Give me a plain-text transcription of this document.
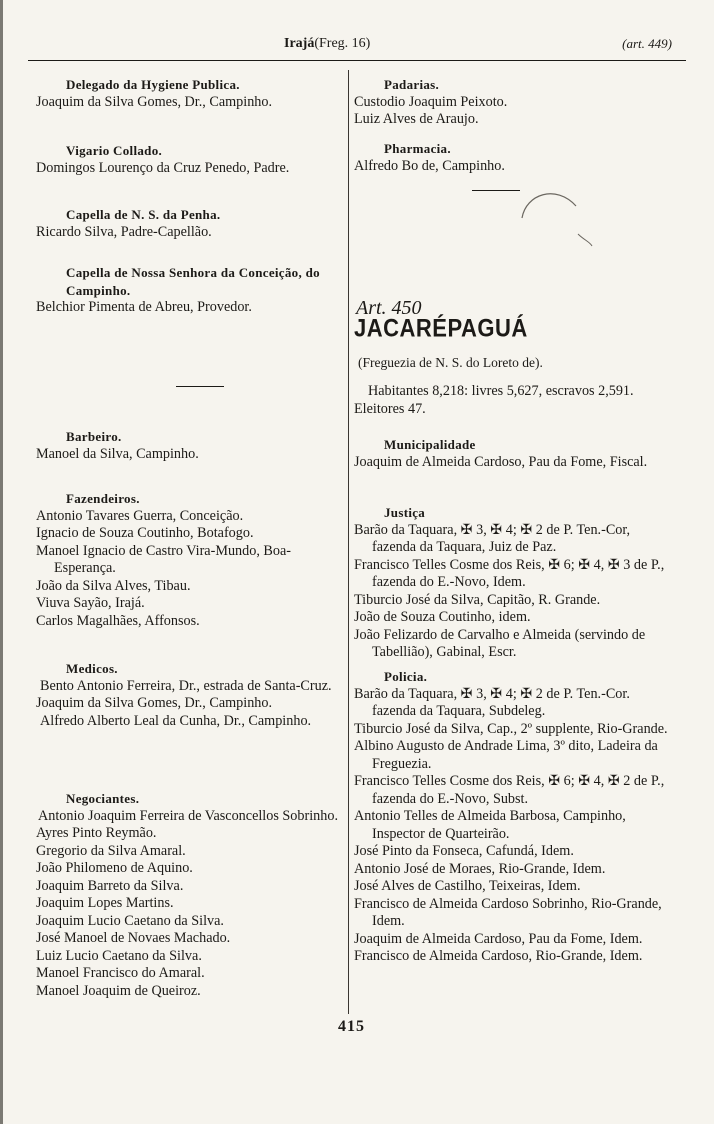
Irajá(Freg. 16)	(art. 449)
Delegado da Hygiene Publica.
Joaquim da Silva Gomes, Dr., Campinho.
Vigario Collado.
Domingos Lourenço da Cruz Penedo, Padre.
Capella de N. S. da Penha.
Ricardo Silva, Padre-Capellão.
Capella de Nossa Senhora da Conceição, do Campinho.
Belchior Pimenta de Abreu, Provedor.
Barbeiro.
Manoel da Silva, Campinho.
Fazendeiros.
Antonio Tavares Guerra, Conceição.
Ignacio de Souza Coutinho, Botafogo.
Manoel Ignacio de Castro Vira-Mundo, Boa-Esperança.
João da Silva Alves, Tibau.
Viuva Sayão, Irajá.
Carlos Magalhães, Affonsos.
Medicos.
Bento Antonio Ferreira, Dr., estrada de Santa-Cruz.
Joaquim da Silva Gomes, Dr., Campinho.
Alfredo Alberto Leal da Cunha, Dr., Campinho.
Negociantes.
Antonio Joaquim Ferreira de Vasconcellos Sobrinho.
Ayres Pinto Reymão.
Gregorio da Silva Amaral.
João Philomeno de Aquino.
Joaquim Barreto da Silva.
Joaquim Lopes Martins.
Joaquim Lucio Caetano da Silva.
José Manoel de Novaes Machado.
Luiz Lucio Caetano da Silva.
Manoel Francisco do Amaral.
Manoel Joaquim de Queiroz.
Padarias.
Custodio Joaquim Peixoto.
Luiz Alves de Araujo.
Pharmacia.
Alfredo Bo de, Campinho.
Art. 450
JACARÉPAGUÁ
(Freguezia de N. S. do Loreto de).
Habitantes 8,218: livres 5,627, escravos 2,591. Eleitores 47.
Municipalidade
Joaquim de Almeida Cardoso, Pau da Fome, Fiscal.
Justiça
Barão da Taquara, ✠ 3, ✠ 4; ✠ 2 de P. Ten.-Cor, fazenda da Taquara, Juiz de Paz.
Francisco Telles Cosme dos Reis, ✠ 6; ✠ 4, ✠ 3 de P., fazenda do E.-Novo, Idem.
Tiburcio José da Silva, Capitão, R. Grande.
João de Souza Coutinho, idem.
João Felizardo de Carvalho e Almeida (servindo de Tabellião), Gabinal, Escr.
Policia.
Barão da Taquara, ✠ 3, ✠ 4; ✠ 2 de P. Ten.-Cor. fazenda da Taquara, Subdeleg.
Tiburcio José da Silva, Cap., 2º supplente, Rio-Grande.
Albino Augusto de Andrade Lima, 3º dito, Ladeira da Freguezia.
Francisco Telles Cosme dos Reis, ✠ 6; ✠ 4, ✠ 2 de P., fazenda do E.-Novo, Subst.
Antonio Telles de Almeida Barbosa, Campinho, Inspector de Quarteirão.
José Pinto da Fonseca, Cafundá, Idem.
Antonio José de Moraes, Rio-Grande, Idem.
José Alves de Castilho, Teixeiras, Idem.
Francisco de Almeida Cardoso Sobrinho, Rio-Grande, Idem.
Joaquim de Almeida Cardoso, Pau da Fome, Idem.
Francisco de Almeida Cardoso, Rio-Grande, Idem.
415
